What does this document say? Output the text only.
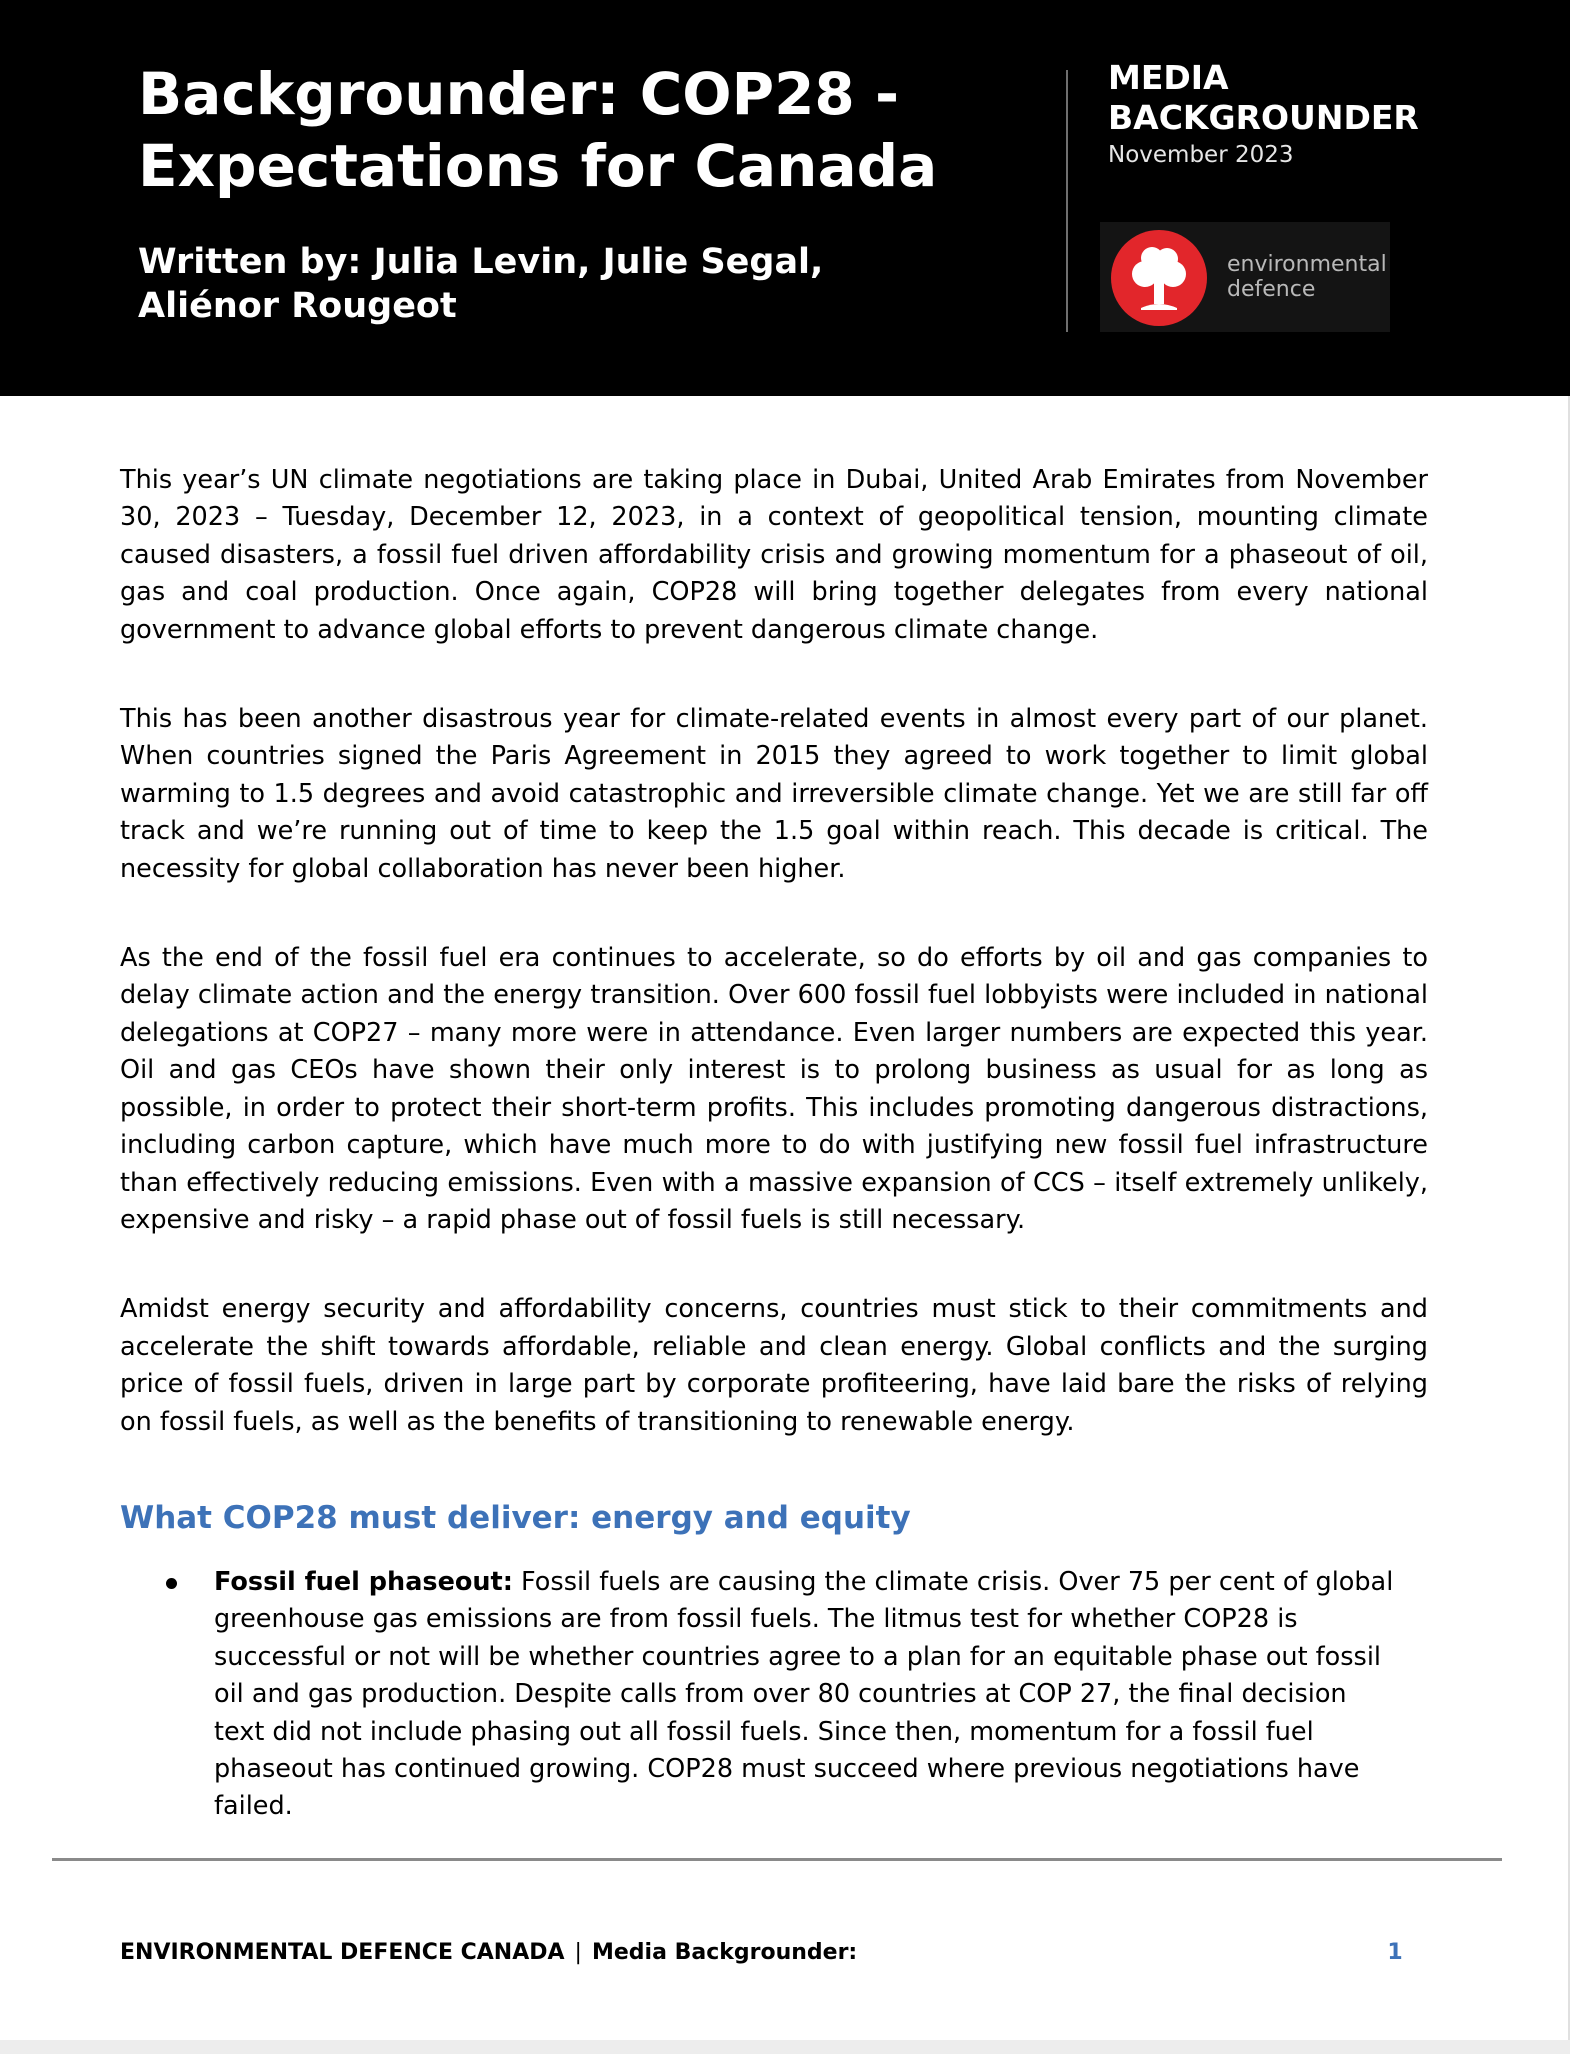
Backgrounder: COP28 -
Expectations for Canada
Written by: Julia Levin, Julie Segal,
Aliénor Rougeot
MEDIA
BACKGROUNDER
November 2023
environmental
defence

This year’s UN climate negotiations are taking place in Dubai, United Arab Emirates from November 30, 2023 – Tuesday, December 12, 2023, in a context of geopolitical tension, mounting climate caused disasters, a fossil fuel driven affordability crisis and growing momentum for a phaseout of oil, gas and coal production. Once again, COP28 will bring together delegates from every national government to advance global efforts to prevent dangerous climate change.

This has been another disastrous year for climate-related events in almost every part of our planet. When countries signed the Paris Agreement in 2015 they agreed to work together to limit global warming to 1.5 degrees and avoid catastrophic and irreversible climate change. Yet we are still far off track and we’re running out of time to keep the 1.5 goal within reach. This decade is critical. The necessity for global collaboration has never been higher.

As the end of the fossil fuel era continues to accelerate, so do efforts by oil and gas companies to delay climate action and the energy transition. Over 600 fossil fuel lobbyists were included in national delegations at COP27 – many more were in attendance. Even larger numbers are expected this year. Oil and gas CEOs have shown their only interest is to prolong business as usual for as long as possible, in order to protect their short-term profits. This includes promoting dangerous distractions, including carbon capture, which have much more to do with justifying new fossil fuel infrastructure than effectively reducing emissions. Even with a massive expansion of CCS – itself extremely unlikely, expensive and risky – a rapid phase out of fossil fuels is still necessary.

Amidst energy security and affordability concerns, countries must stick to their commitments and accelerate the shift towards affordable, reliable and clean energy. Global conflicts and the surging price of fossil fuels, driven in large part by corporate profiteering, have laid bare the risks of relying on fossil fuels, as well as the benefits of transitioning to renewable energy.

What COP28 must deliver: energy and equity
Fossil fuel phaseout: Fossil fuels are causing the climate crisis. Over 75 per cent of global greenhouse gas emissions are from fossil fuels. The litmus test for whether COP28 is successful or not will be whether countries agree to a plan for an equitable phase out fossil oil and gas production. Despite calls from over 80 countries at COP 27, the final decision text did not include phasing out all fossil fuels. Since then, momentum for a fossil fuel phaseout has continued growing. COP28 must succeed where previous negotiations have failed.
ENVIRONMENTAL DEFENCE CANADA | Media Backgrounder:	1
